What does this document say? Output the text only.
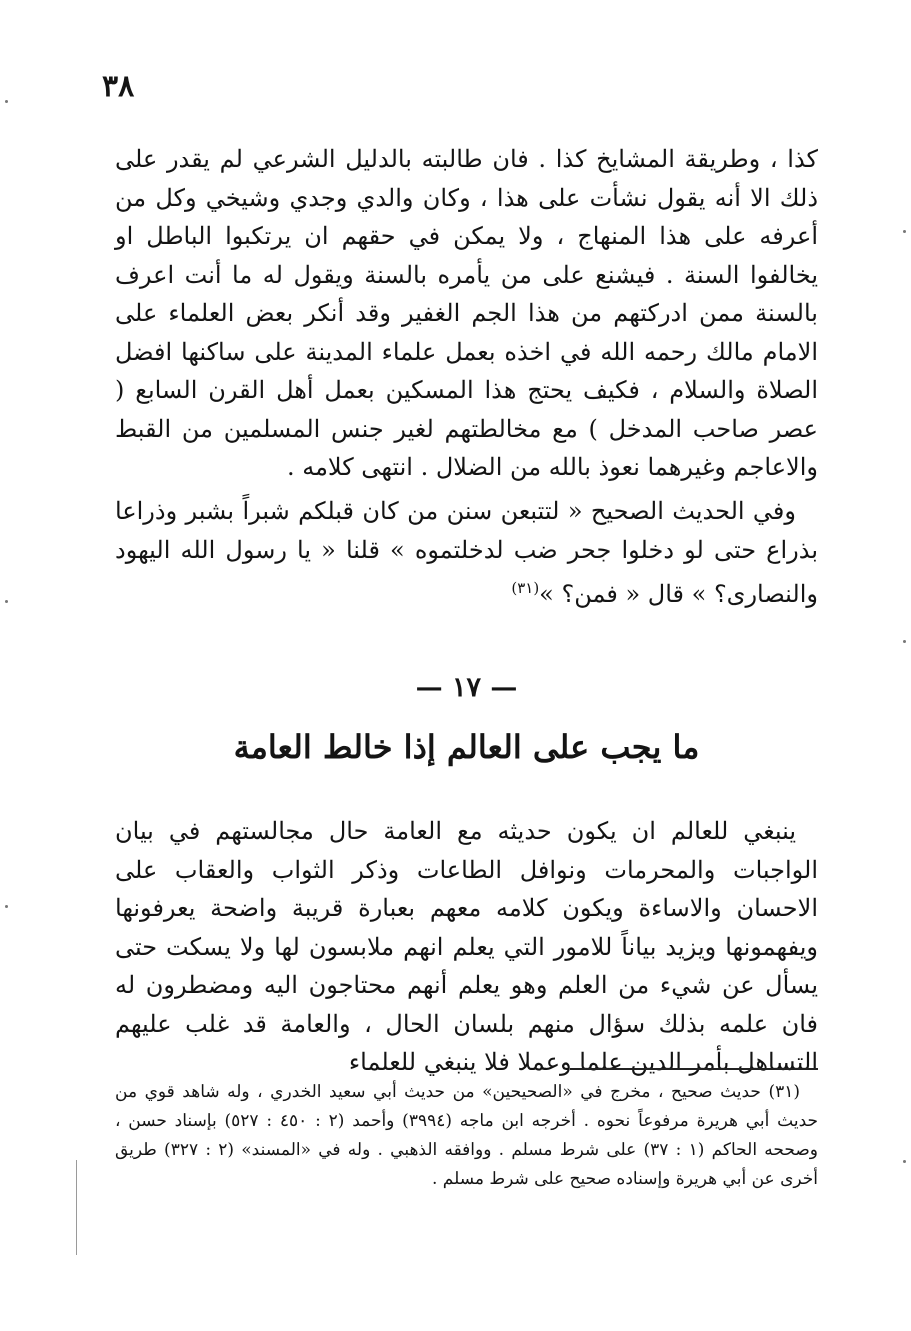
٣٨

كذا ، وطريقة المشايخ كذا . فان طالبته بالدليل الشرعي لم يقدر على ذلك الا أنه يقول نشأت على هذا ، وكان والدي وجدي وشيخي وكل من أعرفه على هذا المنهاج ، ولا يمكن في حقهم ان يرتكبوا الباطل او يخالفوا السنة . فيشنع على من يأمره بالسنة ويقول له ما أنت اعرف بالسنة ممن ادركتهم من هذا الجم الغفير وقد أنكر بعض العلماء على الامام مالك رحمه الله في اخذه بعمل علماء المدينة على ساكنها افضل الصلاة والسلام ، فكيف يحتج هذا المسكين بعمل أهل القرن السابع ( عصر صاحب المدخل ) مع مخالطتهم لغير جنس المسلمين من القبط والاعاجم وغيرهما نعوذ بالله من الضلال . انتهى كلامه .

وفي الحديث الصحيح « لتتبعن سنن من كان قبلكم شبراً بشبر وذراعا بذراع حتى لو دخلوا جحر ضب لدخلتموه » قلنا « يا رسول الله اليهود والنصارى؟ » قال « فمن؟ »$^{(٣١)}$

— ١٧ —
ما يجب على العالم إذا خالط العامة

ينبغي للعالم ان يكون حديثه مع العامة حال مجالستهم في بيان الواجبات والمحرمات ونوافل الطاعات وذكر الثواب والعقاب على الاحسان والاساءة ويكون كلامه معهم بعبارة قريبة واضحة يعرفونها ويفهمونها ويزيد بياناً للامور التي يعلم انهم ملابسون لها ولا يسكت حتى يسأل عن شيء من العلم وهو يعلم أنهم محتاجون اليه ومضطرون له فان علمه بذلك سؤال منهم بلسان الحال ، والعامة قد غلب عليهم التساهل بأمر الدين علما وعملا فلا ينبغي للعلماء

(٣١) حديث صحيح ، مخرج في «الصحيحين» من حديث أبي سعيد الخدري ، وله شاهد قوي من حديث أبي هريرة مرفوعاً نحوه . أخرجه ابن ماجه (٣٩٩٤) وأحمد (٢ : ٤٥٠ : ٥٢٧) بإسناد حسن ، وصححه الحاكم (١ : ٣٧) على شرط مسلم . ووافقه الذهبي . وله في «المسند» (٢ : ٣٢٧) طريق أخرى عن أبي هريرة وإسناده صحيح على شرط مسلم .
